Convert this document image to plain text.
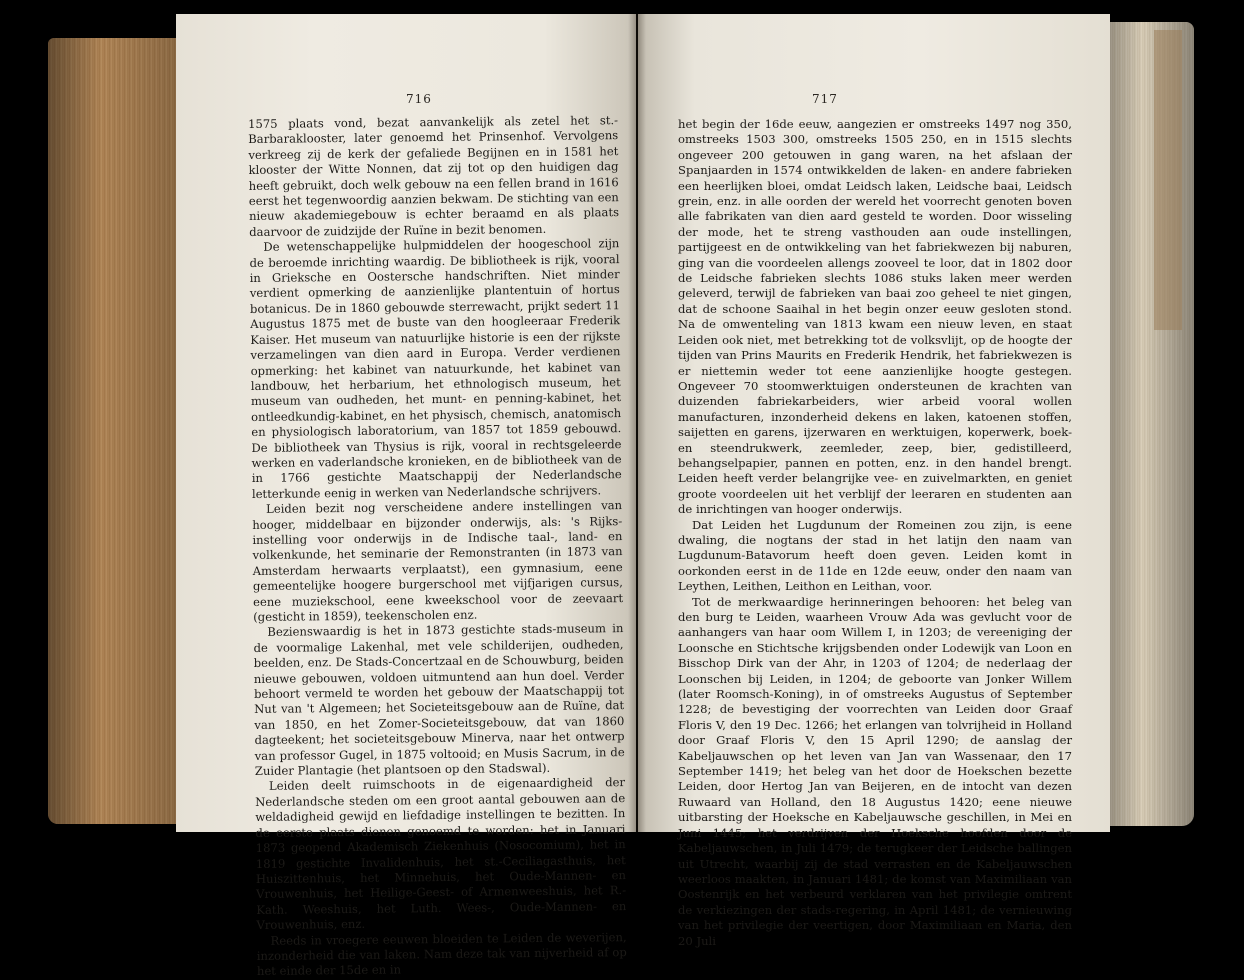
716

1575 plaats vond, bezat aanvankelijk als zetel het st.-Barbaraklooster, later genoemd het Prinsenhof. Vervolgens verkreeg zij de kerk der gefaliede Begijnen en in 1581 het klooster der Witte Nonnen, dat zij tot op den huidigen dag heeft gebruikt, doch welk gebouw na een fellen brand in 1616 eerst het tegenwoordig aanzien bekwam. De stichting van een nieuw akademiegebouw is echter beraamd en als plaats daarvoor de zuidzijde der Ruïne in bezit benomen.

De wetenschappelijke hulpmiddelen der hoogeschool zijn de beroemde inrichting waardig. De bibliotheek is rijk, vooral in Grieksche en Oostersche handschriften. Niet minder verdient opmerking de aanzienlijke plantentuin of hortus botanicus. De in 1860 gebouwde sterrewacht, prijkt sedert 11 Augustus 1875 met de buste van den hoogleeraar Frederik Kaiser. Het museum van natuurlijke historie is een der rijkste verzamelingen van dien aard in Europa. Verder verdienen opmerking: het kabinet van natuurkunde, het kabinet van landbouw, het herbarium, het ethnologisch museum, het museum van oudheden, het munt- en penning-kabinet, het ontleedkundig-kabinet, en het physisch, chemisch, anatomisch en physiologisch laboratorium, van 1857 tot 1859 gebouwd. De bibliotheek van Thysius is rijk, vooral in rechtsgeleerde werken en vaderlandsche kronieken, en de bibliotheek van de in 1766 gestichte Maatschappij der Nederlandsche letterkunde eenig in werken van Nederlandsche schrijvers.

Leiden bezit nog verscheidene andere instellingen van hooger, middelbaar en bijzonder onderwijs, als: 's Rijks-instelling voor onderwijs in de Indische taal-, land- en volkenkunde, het seminarie der Remonstranten (in 1873 van Amsterdam herwaarts verplaatst), een gymnasium, eene gemeentelijke hoogere burgerschool met vijfjarigen cursus, eene muziekschool, eene kweekschool voor de zeevaart (gesticht in 1859), teekenscholen enz.

Bezienswaardig is het in 1873 gestichte stads-museum in de voormalige Lakenhal, met vele schilderijen, oudheden, beelden, enz. De Stads-Concertzaal en de Schouwburg, beiden nieuwe gebouwen, voldoen uitmuntend aan hun doel. Verder behoort vermeld te worden het gebouw der Maatschappij tot Nut van 't Algemeen; het Societeitsgebouw aan de Ruïne, dat van 1850, en het Zomer-Societeitsgebouw, dat van 1860 dagteekent; het societeitsgebouw Minerva, naar het ontwerp van professor Gugel, in 1875 voltooid; en Musis Sacrum, in de Zuider Plantagie (het plantsoen op den Stadswal).

Leiden deelt ruimschoots in de eigenaardigheid der Nederlandsche steden om een groot aantal gebouwen aan de weldadigheid gewijd en liefdadige instellingen te bezitten. In de eerste plaats dienen genoemd te worden: het in Januari 1873 geopend Akademisch Ziekenhuis (Nosocomium), het in 1819 gestichte Invalidenhuis, het st.-Ceciliagasthuis, het Huiszittenhuis, het Minnehuis, het Oude-Mannen- en Vrouwenhuis, het Heilige-Geest- of Armenweeshuis, het R.-Kath. Weeshuis, het Luth. Wees-, Oude-Mannen- en Vrouwenhuis, enz.

Reeds in vroegere eeuwen bloeiden te Leiden de weverijen, inzonderheid die van laken. Nam deze tak van nijverheid af op het einde der 15de en in

717

het begin der 16de eeuw, aangezien er omstreeks 1497 nog 350, omstreeks 1503 300, omstreeks 1505 250, en in 1515 slechts ongeveer 200 getouwen in gang waren, na het afslaan der Spanjaarden in 1574 ontwikkelden de laken- en andere fabrieken een heerlijken bloei, omdat Leidsch laken, Leidsche baai, Leidsch grein, enz. in alle oorden der wereld het voorrecht genoten boven alle fabrikaten van dien aard gesteld te worden. Door wisseling der mode, het te streng vasthouden aan oude instellingen, partijgeest en de ontwikkeling van het fabriekwezen bij naburen, ging van die voordeelen allengs zooveel te loor, dat in 1802 door de Leidsche fabrieken slechts 1086 stuks laken meer werden geleverd, terwijl de fabrieken van baai zoo geheel te niet gingen, dat de schoone Saaihal in het begin onzer eeuw gesloten stond. Na de omwenteling van 1813 kwam een nieuw leven, en staat Leiden ook niet, met betrekking tot de volksvlijt, op de hoogte der tijden van Prins Maurits en Frederik Hendrik, het fabriekwezen is er niettemin weder tot eene aanzienlijke hoogte gestegen. Ongeveer 70 stoomwerktuigen ondersteunen de krachten van duizenden fabriekarbeiders, wier arbeid vooral wollen manufacturen, inzonderheid dekens en laken, katoenen stoffen, saijetten en garens, ijzerwaren en werktuigen, koperwerk, boek- en steendrukwerk, zeemleder, zeep, bier, gedistilleerd, behangselpapier, pannen en potten, enz. in den handel brengt. Leiden heeft verder belangrijke vee- en zuivelmarkten, en geniet groote voordeelen uit het verblijf der leeraren en studenten aan de inrichtingen van hooger onderwijs.

Dat Leiden het Lugdunum der Romeinen zou zijn, is eene dwaling, die nogtans der stad in het latijn den naam van Lugdunum-Batavorum heeft doen geven. Leiden komt in oorkonden eerst in de 11de en 12de eeuw, onder den naam van Leythen, Leithen, Leithon en Leithan, voor.

Tot de merkwaardige herinneringen behooren: het beleg van den burg te Leiden, waarheen Vrouw Ada was gevlucht voor de aanhangers van haar oom Willem I, in 1203; de vereeniging der Loonsche en Stichtsche krijgsbenden onder Lodewijk van Loon en Bisschop Dirk van der Ahr, in 1203 of 1204; de nederlaag der Loonschen bij Leiden, in 1204; de geboorte van Jonker Willem (later Roomsch-Koning), in of omstreeks Augustus of September 1228; de bevestiging der voorrechten van Leiden door Graaf Floris V, den 19 Dec. 1266; het erlangen van tolvrijheid in Holland door Graaf Floris V, den 15 April 1290; de aanslag der Kabeljauwschen op het leven van Jan van Wassenaar, den 17 September 1419; het beleg van het door de Hoekschen bezette Leiden, door Hertog Jan van Beijeren, en de intocht van dezen Ruwaard van Holland, den 18 Augustus 1420; eene nieuwe uitbarsting der Hoeksche en Kabeljauwsche geschillen, in Mei en Juni 1445; het verdrijven der Hoeksche hoofden door de Kabeljauwschen, in Juli 1479; de terugkeer der Leidsche ballingen uit Utrecht, waarbij zij de stad verrasten en de Kabeljauwschen weerloos maakten, in Januari 1481; de komst van Maximiliaan van Oostenrijk en het verbeurd verklaren van het privilegie omtrent de verkiezingen der stads-regering, in April 1481; de vernieuwing van het privilegie der veertigen, door Maximiliaan en Maria, den 20 Juli
